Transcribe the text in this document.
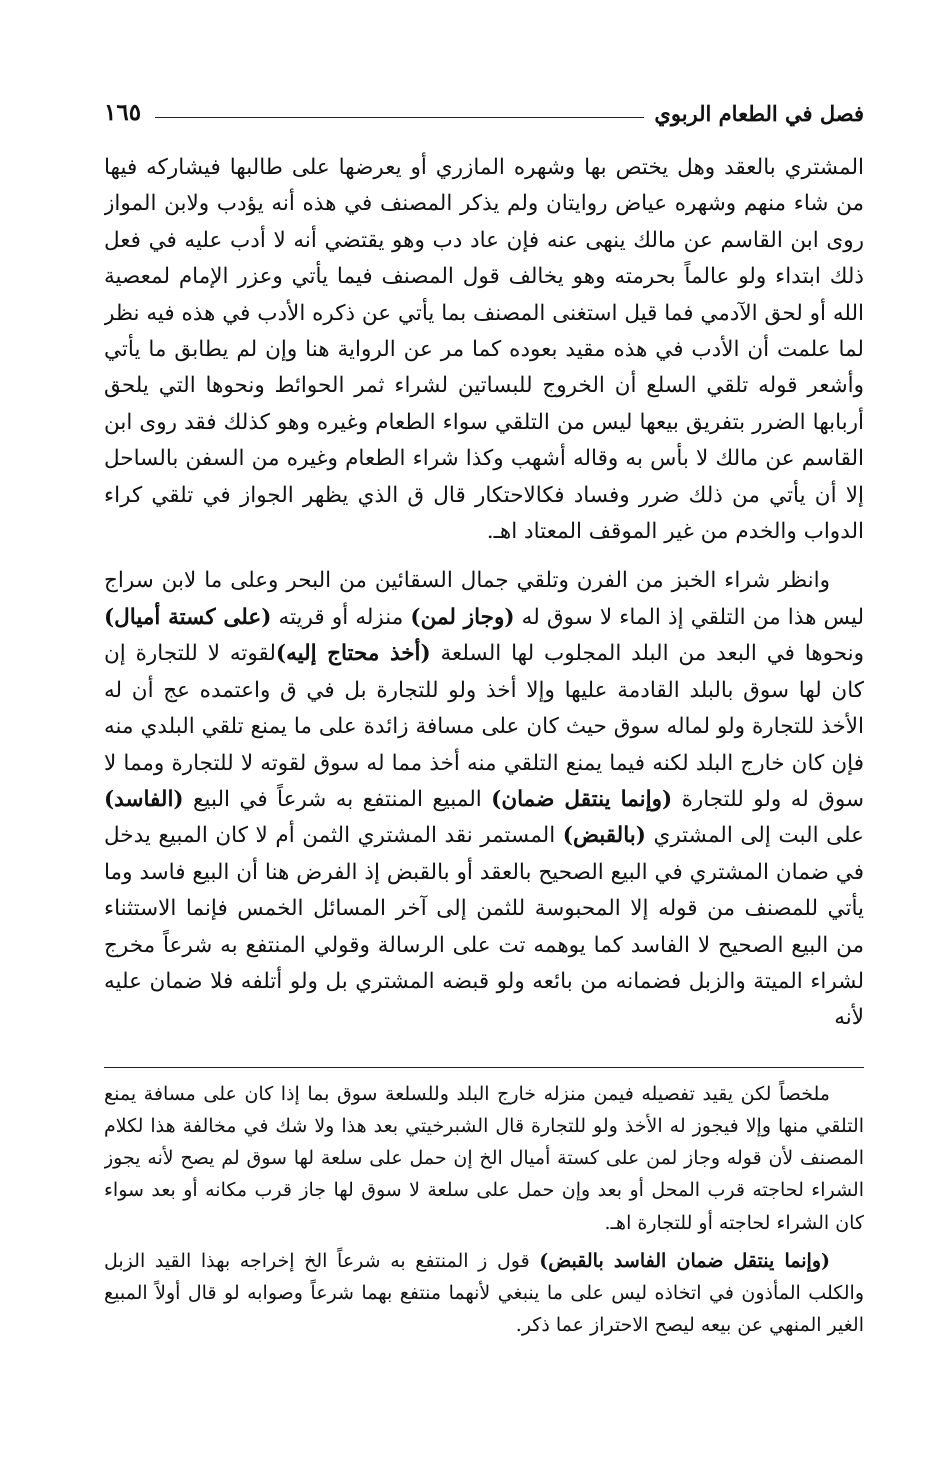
فصل في الطعام الربوي
١٦٥

المشتري بالعقد وهل يختص بها وشهره المازري أو يعرضها على طالبها فيشاركه فيها من شاء منهم وشهره عياض روايتان ولم يذكر المصنف في هذه أنه يؤدب ولابن المواز روى ابن القاسم عن مالك ينهى عنه فإن عاد دب وهو يقتضي أنه لا أدب عليه في فعل ذلك ابتداء ولو عالماً بحرمته وهو يخالف قول المصنف فيما يأتي وعزر الإمام لمعصية الله أو لحق الآدمي فما قيل استغنى المصنف بما يأتي عن ذكره الأدب في هذه فيه نظر لما علمت أن الأدب في هذه مقيد بعوده كما مر عن الرواية هنا وإن لم يطابق ما يأتي وأشعر قوله تلقي السلع أن الخروج للبساتين لشراء ثمر الحوائط ونحوها التي يلحق أربابها الضرر بتفريق بيعها ليس من التلقي سواء الطعام وغيره وهو كذلك فقد روى ابن القاسم عن مالك لا بأس به وقاله أشهب وكذا شراء الطعام وغيره من السفن بالساحل إلا أن يأتي من ذلك ضرر وفساد فكالاحتكار قال ق الذي يظهر الجواز في تلقي كراء الدواب والخدم من غير الموقف المعتاد اهـ.

وانظر شراء الخبز من الفرن وتلقي جمال السقائين من البحر وعلى ما لابن سراج ليس هذا من التلقي إذ الماء لا سوق له (وجاز لمن) منزله أو قريته (على كستة أميال) ونحوها في البعد من البلد المجلوب لها السلعة (أخذ محتاج إليه)لقوته لا للتجارة إن كان لها سوق بالبلد القادمة عليها وإلا أخذ ولو للتجارة بل في ق واعتمده عج أن له الأخذ للتجارة ولو لماله سوق حيث كان على مسافة زائدة على ما يمنع تلقي البلدي منه فإن كان خارج البلد لكنه فيما يمنع التلقي منه أخذ مما له سوق لقوته لا للتجارة ومما لا سوق له ولو للتجارة (وإنما ينتقل ضمان) المبيع المنتفع به شرعاً في البيع (الفاسد) على البت إلى المشتري (بالقبض) المستمر نقد المشتري الثمن أم لا كان المبيع يدخل في ضمان المشتري في البيع الصحيح بالعقد أو بالقبض إذ الفرض هنا أن البيع فاسد وما يأتي للمصنف من قوله إلا المحبوسة للثمن إلى آخر المسائل الخمس فإنما الاستثناء من البيع الصحيح لا الفاسد كما يوهمه تت على الرسالة وقولي المنتفع به شرعاً مخرج لشراء الميتة والزبل فضمانه من بائعه ولو قبضه المشتري بل ولو أتلفه فلا ضمان عليه لأنه

ملخصاً لكن يقيد تفصيله فيمن منزله خارج البلد وللسلعة سوق بما إذا كان على مسافة يمنع التلقي منها وإلا فيجوز له الأخذ ولو للتجارة قال الشبرخيتي بعد هذا ولا شك في مخالفة هذا لكلام المصنف لأن قوله وجاز لمن على كستة أميال الخ إن حمل على سلعة لها سوق لم يصح لأنه يجوز الشراء لحاجته قرب المحل أو بعد وإن حمل على سلعة لا سوق لها جاز قرب مكانه أو بعد سواء كان الشراء لحاجته أو للتجارة اهـ.

(وإنما ينتقل ضمان الفاسد بالقبض) قول ز المنتفع به شرعاً الخ إخراجه بهذا القيد الزبل والكلب المأذون في اتخاذه ليس على ما ينبغي لأنهما منتفع بهما شرعاً وصوابه لو قال أولاً المبيع الغير المنهي عن بيعه ليصح الاحتراز عما ذكر.
